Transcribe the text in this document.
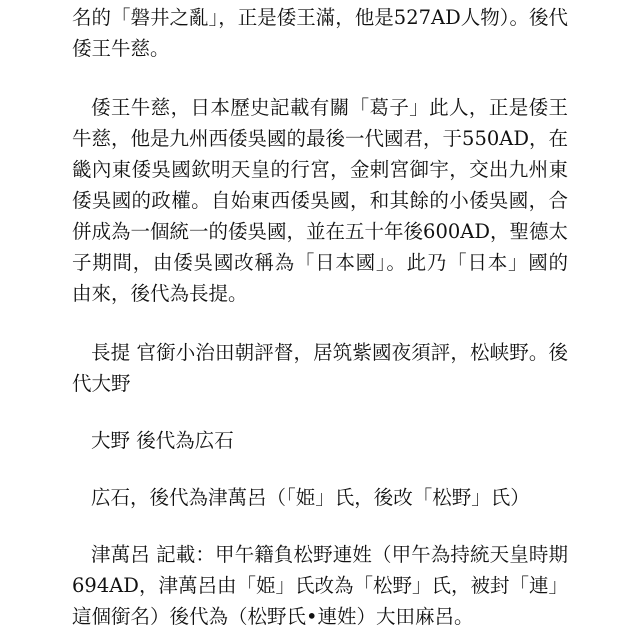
名的「磐井之亂」，正是倭王滿，他是527AD人物）。後代倭王牛慈。

倭王牛慈，日本歷史記載有關「葛子」此人，正是倭王牛慈，他是九州西倭吳國的最後一代國君，于550AD，在畿內東倭吳國欽明天皇的行宮，金剌宮御宇，交出九州東倭吳國的政權。自始東西倭吳國，和其餘的小倭吳國，合併成為一個統一的倭吳國，並在五十年後600AD，聖德太子期間，由倭吳國改稱為「日本國」。此乃「日本」國的由來，後代為長提。

長提 官銜小治田朝評督，居筑紫國夜須評，松峡野。後代大野

大野 後代為広石

広石，後代為津萬呂（「姫」氏，後改「松野」氏）

津萬呂 記載：甲午籍負松野連姓（甲午為持統天皇時期694AD，津萬呂由「姫」氏改為「松野」氏，被封「連」這個銜名）後代為（松野氏•連姓）大田麻呂。
